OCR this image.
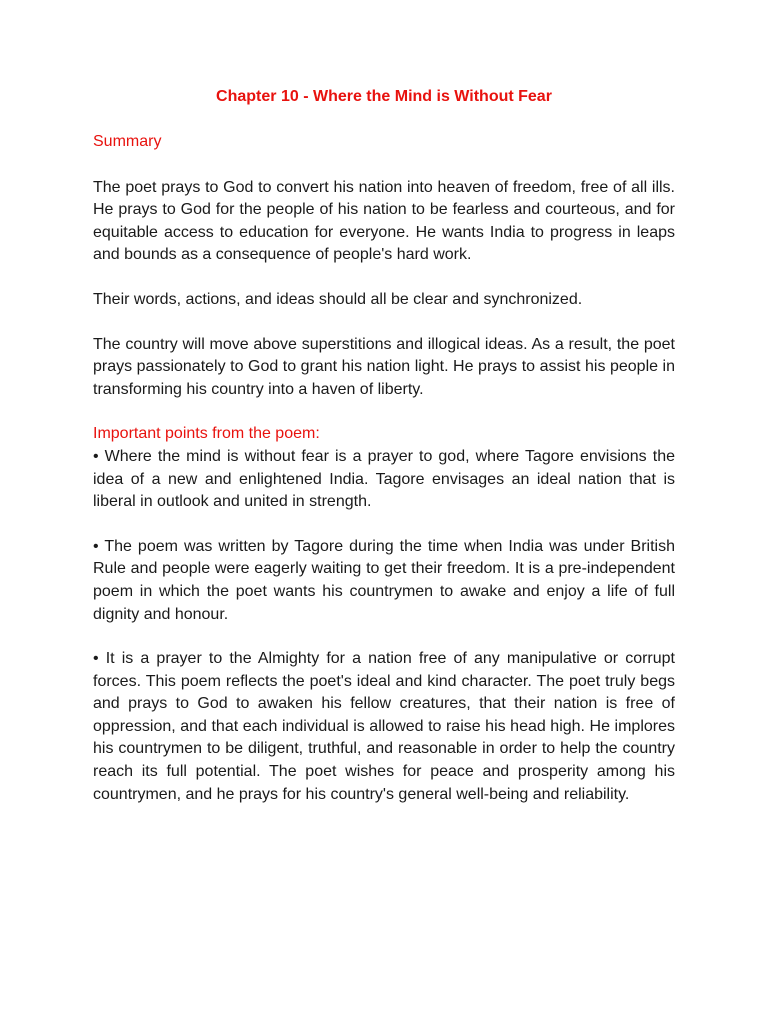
Chapter 10 - Where the Mind is Without Fear

Summary

The poet prays to God to convert his nation into heaven of freedom, free of all ills. He prays to God for the people of his nation to be fearless and courteous, and for equitable access to education for everyone. He wants India to progress in leaps and bounds as a consequence of people's hard work.

Their words, actions, and ideas should all be clear and synchronized.

The country will move above superstitions and illogical ideas. As a result, the poet prays passionately to God to grant his nation light. He prays to assist his people in transforming his country into a haven of liberty.

Important points from the poem:

• Where the mind is without fear is a prayer to god, where Tagore envisions the idea of a new and enlightened India. Tagore envisages an ideal nation that is liberal in outlook and united in strength.

• The poem was written by Tagore during the time when India was under British Rule and people were eagerly waiting to get their freedom. It is a pre-independent poem in which the poet wants his countrymen to awake and enjoy a life of full dignity and honour.

• It is a prayer to the Almighty for a nation free of any manipulative or corrupt forces. This poem reflects the poet's ideal and kind character. The poet truly begs and prays to God to awaken his fellow creatures, that their nation is free of oppression, and that each individual is allowed to raise his head high. He implores his countrymen to be diligent, truthful, and reasonable in order to help the country reach its full potential. The poet wishes for peace and prosperity among his countrymen, and he prays for his country's general well-being and reliability.
